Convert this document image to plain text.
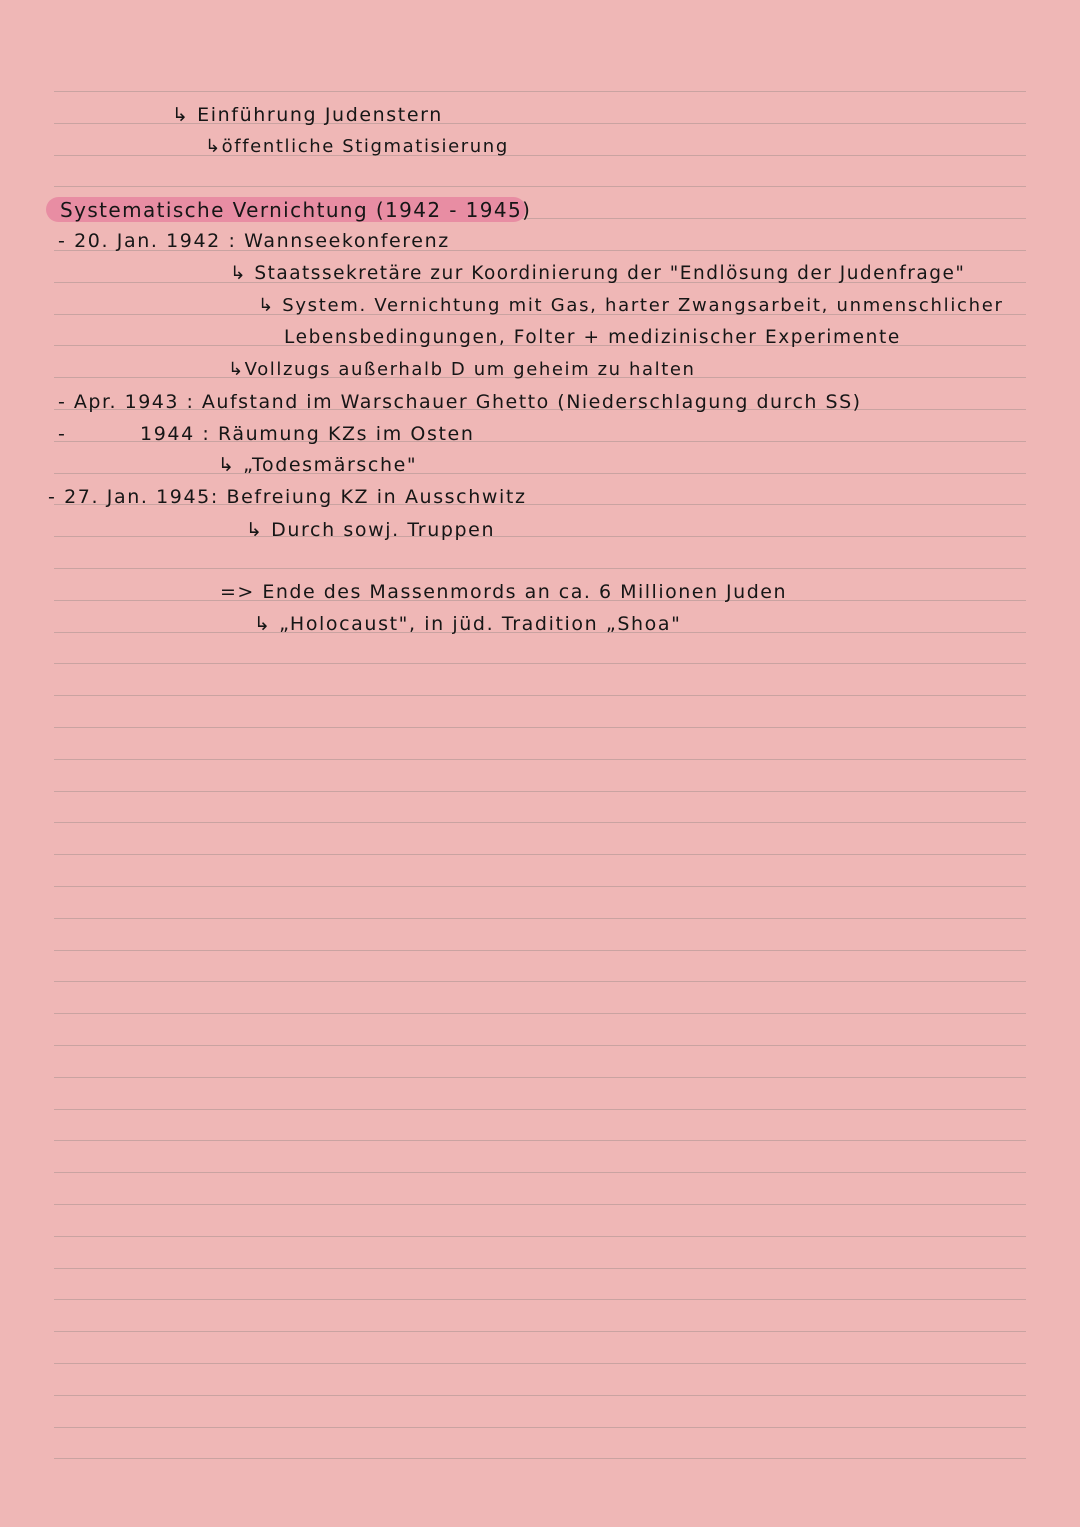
↳ Einführung Judenstern
↳öffentliche Stigmatisierung
Systematische Vernichtung (1942 - 1945)
- 20. Jan. 1942 : Wannseekonferenz
↳ Staatssekretäre zur Koordinierung der "Endlösung der Judenfrage"
↳ System. Vernichtung mit Gas, harter Zwangsarbeit, unmenschlicher
Lebensbedingungen, Folter + medizinischer Experimente
↳Vollzugs außerhalb D um geheim zu halten
- Apr. 1943 : Aufstand im Warschauer Ghetto (Niederschlagung durch SS)
-	1944 : Räumung KZs im Osten
↳ „Todesmärsche"
- 27. Jan. 1945: Befreiung KZ in Ausschwitz
↳ Durch sowj. Truppen
=> Ende des Massenmords an ca. 6 Millionen Juden
↳ „Holocaust", in jüd. Tradition „Shoa"
